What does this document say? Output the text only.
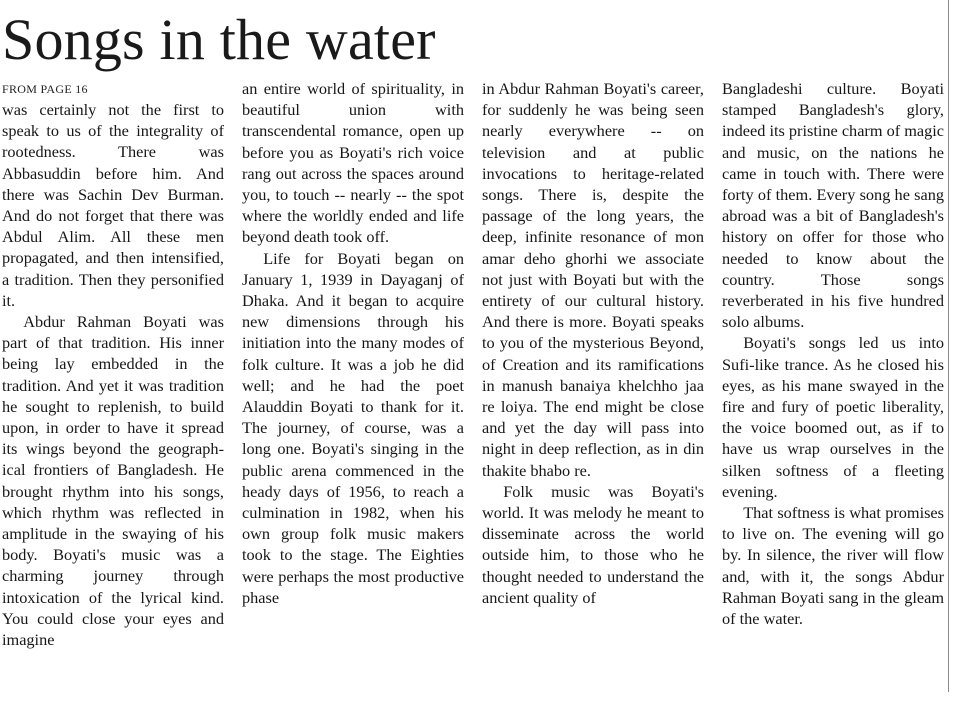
Songs in the water
FROM PAGE 16

was certainly not the first to speak to us of the integrality of rootedness. There was Abbasuddin before him. And there was Sachin Dev Burman. And do not forget that there was Abdul Alim. All these men propagated, and then intensified, a tradition. Then they personified it.

Abdur Rahman Boyati was part of that tradition. His inner being lay embedded in the tradition. And yet it was tradition he sought to replenish, to build upon, in order to have it spread its wings beyond the geographical frontiers of Bangladesh. He brought rhythm into his songs, which rhythm was reflected in amplitude in the swaying of his body. Boyati's music was a charming journey through intoxication of the lyrical kind. You could close your eyes and imagine

an entire world of spirituality, in beautiful union with transcendental romance, open up before you as Boyati's rich voice rang out across the spaces around you, to touch -- nearly -- the spot where the worldly ended and life beyond death took off.

Life for Boyati began on January 1, 1939 in Dayaganj of Dhaka. And it began to acquire new dimensions through his initiation into the many modes of folk culture. It was a job he did well; and he had the poet Alauddin Boyati to thank for it. The journey, of course, was a long one. Boyati's singing in the public arena commenced in the heady days of 1956, to reach a culmination in 1982, when his own group folk music makers took to the stage. The Eighties were perhaps the most productive phase

in Abdur Rahman Boyati's career, for suddenly he was being seen nearly everywhere -- on television and at public invocations to heritage-related songs. There is, despite the passage of the long years, the deep, infinite resonance of mon amar deho ghorhi we associate not just with Boyati but with the entirety of our cultural history. And there is more. Boyati speaks to you of the mysterious Beyond, of Creation and its ramifications in manush banaiya khelchho jaa re loiya. The end might be close and yet the day will pass into night in deep reflection, as in din thakite bhabo re.

Folk music was Boyati's world. It was melody he meant to disseminate across the world outside him, to those who he thought needed to understand the ancient quality of

Bangladeshi culture. Boyati stamped Bangladesh's glory, indeed its pristine charm of magic and music, on the nations he came in touch with. There were forty of them. Every song he sang abroad was a bit of Bangladesh's history on offer for those who needed to know about the country. Those songs reverberated in his five hundred solo albums.

Boyati's songs led us into Sufi-like trance. As he closed his eyes, as his mane swayed in the fire and fury of poetic liberality, the voice boomed out, as if to have us wrap ourselves in the silken softness of a fleeting evening.

That softness is what promises to live on. The evening will go by. In silence, the river will flow and, with it, the songs Abdur Rahman Boyati sang in the gleam of the water.
